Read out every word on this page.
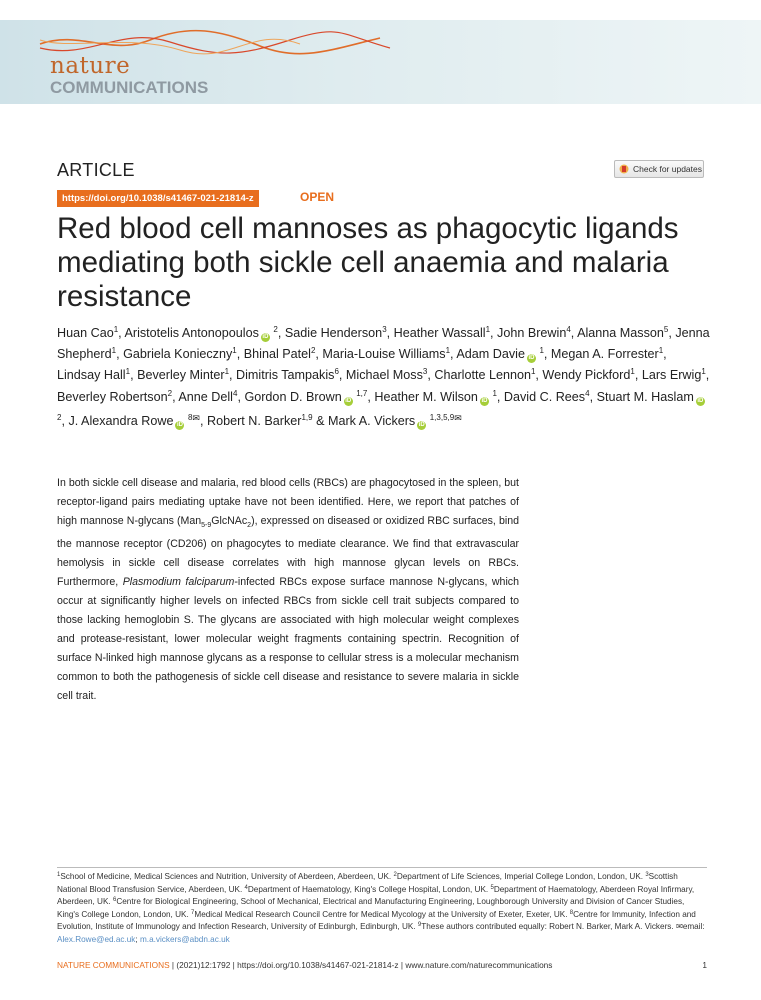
nature
COMMUNICATIONS
ARTICLE	Check for updates
https://doi.org/10.1038/s41467-021-21814-z	OPEN
Red blood cell mannoses as phagocytic ligands mediating both sickle cell anaemia and malaria resistance
Huan Cao$^1$, Aristotelis Antonopoulos iD $^2$, Sadie Henderson$^3$, Heather Wassall$^1$, John Brewin$^4$, Alanna Masson$^5$, Jenna Shepherd$^1$, Gabriela Konieczny$^1$, Bhinal Patel$^2$, Maria-Louise Williams$^1$, Adam Davie iD $^1$, Megan A. Forrester$^1$, Lindsay Hall$^1$, Beverley Minter$^1$, Dimitris Tampakis$^6$, Michael Moss$^3$, Charlotte Lennon$^1$, Wendy Pickford$^1$, Lars Erwig$^1$, Beverley Robertson$^2$, Anne Dell$^4$, Gordon D. Brown iD $^{1,7}$, Heather M. Wilson iD $^1$, David C. Rees$^4$, Stuart M. Haslam iD $^2$, J. Alexandra Rowe iD $^{8✉}$, Robert N. Barker$^{1,9}$ & Mark A. Vickers iD $^{1,3,5,9✉}$
In both sickle cell disease and malaria, red blood cells (RBCs) are phagocytosed in the spleen, but receptor-ligand pairs mediating uptake have not been identified. Here, we report that patches of high mannose N-glycans (Man$_{5-9}$GlcNAc$_2$), expressed on diseased or oxidized RBC surfaces, bind the mannose receptor (CD206) on phagocytes to mediate clearance. We find that extravascular hemolysis in sickle cell disease correlates with high mannose glycan levels on RBCs. Furthermore, Plasmodium falciparum-infected RBCs expose surface mannose N-glycans, which occur at significantly higher levels on infected RBCs from sickle cell trait subjects compared to those lacking hemoglobin S. The glycans are associated with high molecular weight complexes and protease-resistant, lower molecular weight fragments containing spectrin. Recognition of surface N-linked high mannose glycans as a response to cellular stress is a molecular mechanism common to both the pathogenesis of sickle cell disease and resistance to severe malaria in sickle cell trait.
$^1$School of Medicine, Medical Sciences and Nutrition, University of Aberdeen, Aberdeen, UK. $^2$Department of Life Sciences, Imperial College London, London, UK. $^3$Scottish National Blood Transfusion Service, Aberdeen, UK. $^4$Department of Haematology, King's College Hospital, London, UK. $^5$Department of Haematology, Aberdeen Royal Infirmary, Aberdeen, UK. $^6$Centre for Biological Engineering, School of Mechanical, Electrical and Manufacturing Engineering, Loughborough University and Division of Cancer Studies, King's College London, London, UK. $^7$Medical Medical Research Council Centre for Medical Mycology at the University of Exeter, Exeter, UK. $^8$Centre for Immunity, Infection and Evolution, Institute of Immunology and Infection Research, University of Edinburgh, Edinburgh, UK. $^9$These authors contributed equally: Robert N. Barker, Mark A. Vickers. ✉email: Alex.Rowe@ed.ac.uk; m.a.vickers@abdn.ac.uk
NATURE COMMUNICATIONS | (2021)12:1792 | https://doi.org/10.1038/s41467-021-21814-z | www.nature.com/naturecommunications	1
